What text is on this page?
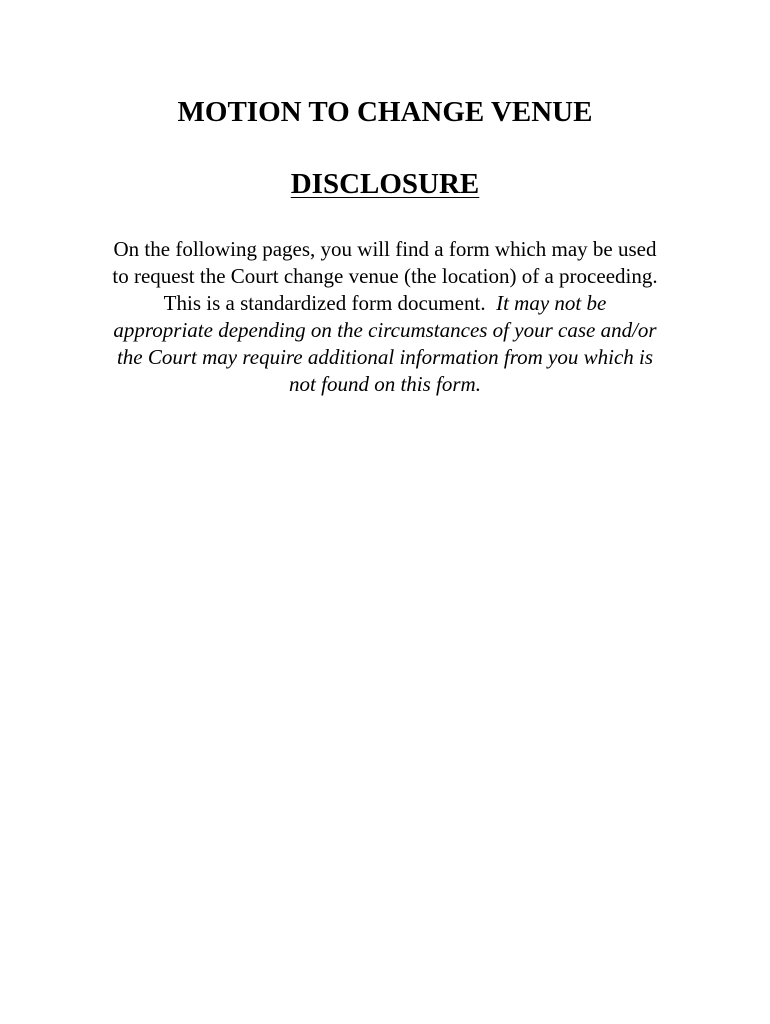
MOTION TO CHANGE VENUE
DISCLOSURE

On the following pages, you will find a form which may be used
to request the Court change venue (the location) of a proceeding.
This is a standardized form document. It may not be
appropriate depending on the circumstances of your case and/or
the Court may require additional information from you which is
not found on this form.
